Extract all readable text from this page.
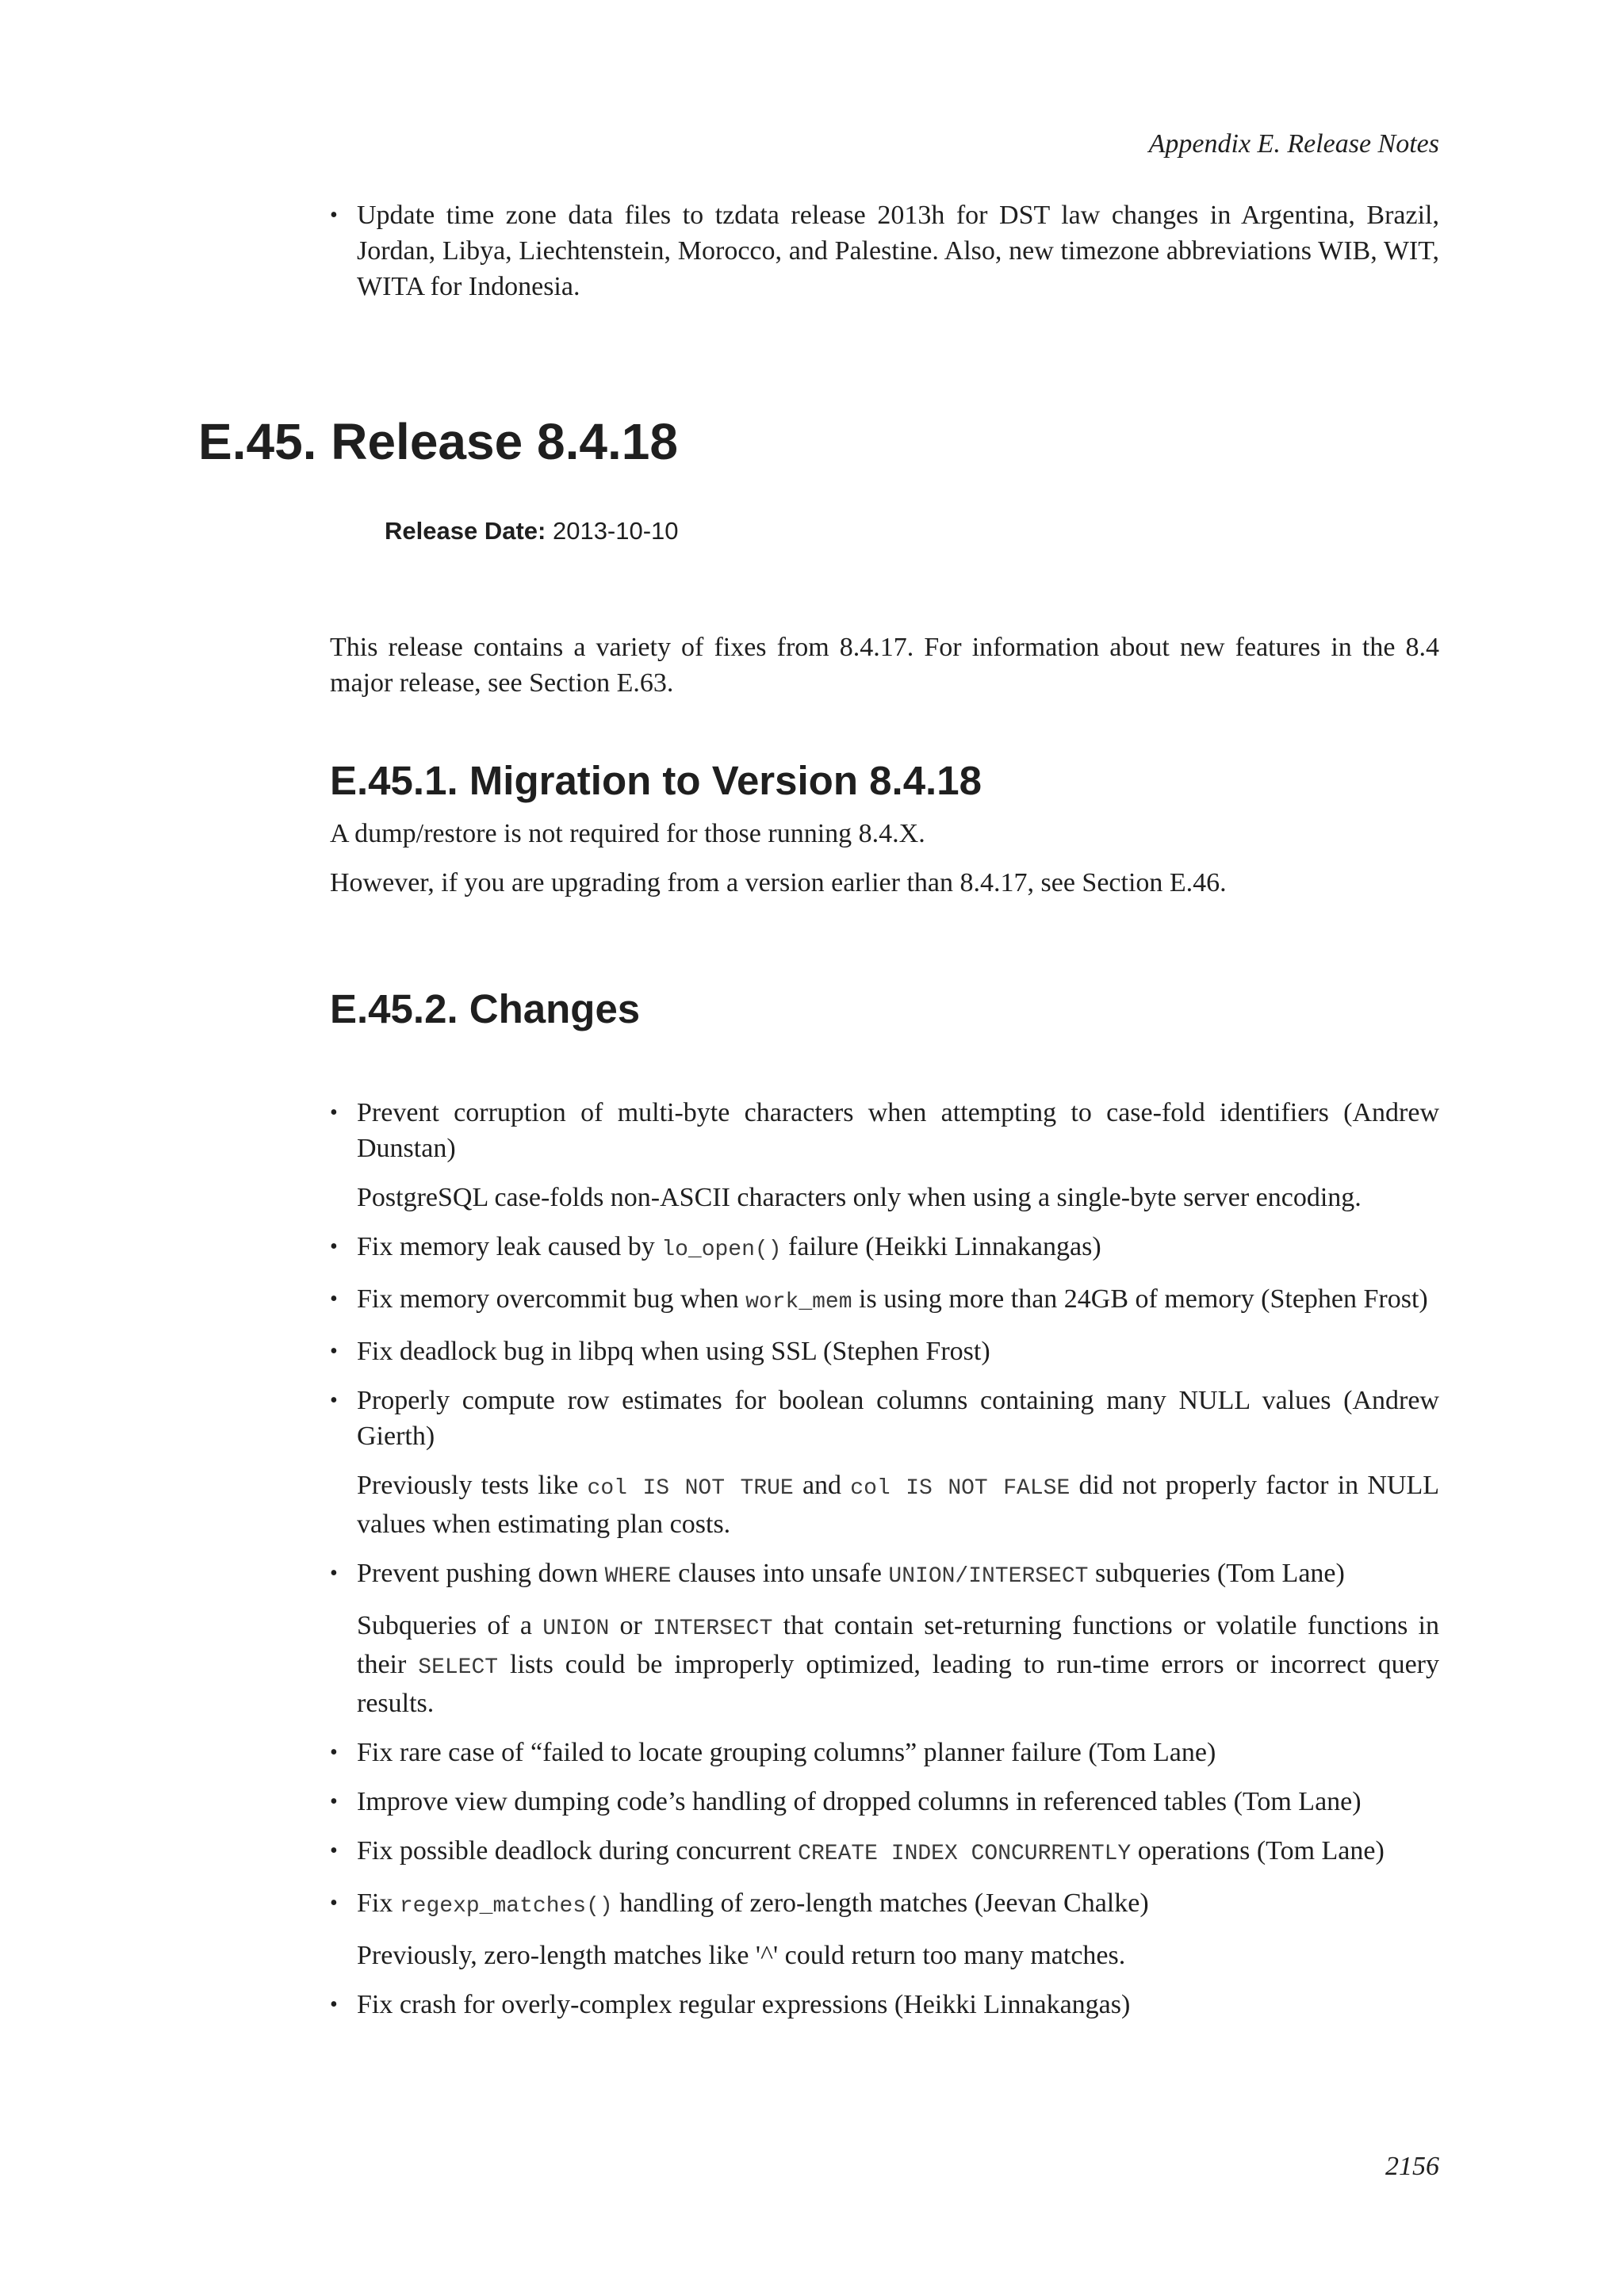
Appendix E. Release Notes
• Update time zone data files to tzdata release 2013h for DST law changes in Argentina, Brazil, Jordan, Libya, Liechtenstein, Morocco, and Palestine. Also, new timezone abbreviations WIB, WIT, WITA for Indonesia.
E.45. Release 8.4.18
Release Date: 2013-10-10

This release contains a variety of fixes from 8.4.17. For information about new features in the 8.4 major release, see Section E.63.

E.45.1. Migration to Version 8.4.18

A dump/restore is not required for those running 8.4.X.

However, if you are upgrading from a version earlier than 8.4.17, see Section E.46.

E.45.2. Changes
• Prevent corruption of multi-byte characters when attempting to case-fold identifiers (Andrew Dunstan)

PostgreSQL case-folds non-ASCII characters only when using a single-byte server encoding.

• Fix memory leak caused by lo_open() failure (Heikki Linnakangas)
• Fix memory overcommit bug when work_mem is using more than 24GB of memory (Stephen Frost)
• Fix deadlock bug in libpq when using SSL (Stephen Frost)
• Properly compute row estimates for boolean columns containing many NULL values (Andrew Gierth)

Previously tests like col IS NOT TRUE and col IS NOT FALSE did not properly factor in NULL values when estimating plan costs.

• Prevent pushing down WHERE clauses into unsafe UNION/INTERSECT subqueries (Tom Lane)

Subqueries of a UNION or INTERSECT that contain set-returning functions or volatile functions in their SELECT lists could be improperly optimized, leading to run-time errors or incorrect query results.

• Fix rare case of “failed to locate grouping columns” planner failure (Tom Lane)
• Improve view dumping code’s handling of dropped columns in referenced tables (Tom Lane)
• Fix possible deadlock during concurrent CREATE INDEX CONCURRENTLY operations (Tom Lane)
• Fix regexp_matches() handling of zero-length matches (Jeevan Chalke)

Previously, zero-length matches like '^' could return too many matches.

• Fix crash for overly-complex regular expressions (Heikki Linnakangas)
2156
